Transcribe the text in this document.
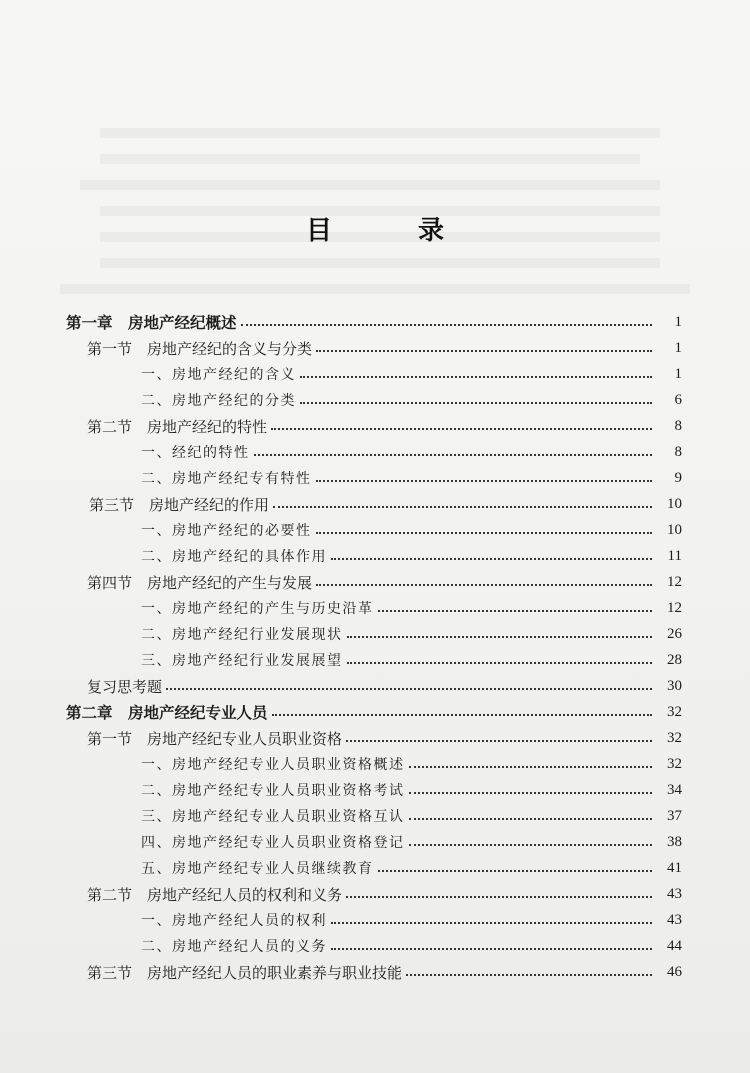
目　录
第一章　房地产经纪概述	1
第一节　房地产经纪的含义与分类	1
一、房地产经纪的含义	1
二、房地产经纪的分类	6
第二节　房地产经纪的特性	8
一、经纪的特性	8
二、房地产经纪专有特性	9
第三节　房地产经纪的作用	10
一、房地产经纪的必要性	10
二、房地产经纪的具体作用	11
第四节　房地产经纪的产生与发展	12
一、房地产经纪的产生与历史沿革	12
二、房地产经纪行业发展现状	26
三、房地产经纪行业发展展望	28
复习思考题	30
第二章　房地产经纪专业人员	32
第一节　房地产经纪专业人员职业资格	32
一、房地产经纪专业人员职业资格概述	32
二、房地产经纪专业人员职业资格考试	34
三、房地产经纪专业人员职业资格互认	37
四、房地产经纪专业人员职业资格登记	38
五、房地产经纪专业人员继续教育	41
第二节　房地产经纪人员的权利和义务	43
一、房地产经纪人员的权利	43
二、房地产经纪人员的义务	44
第三节　房地产经纪人员的职业素养与职业技能	46
